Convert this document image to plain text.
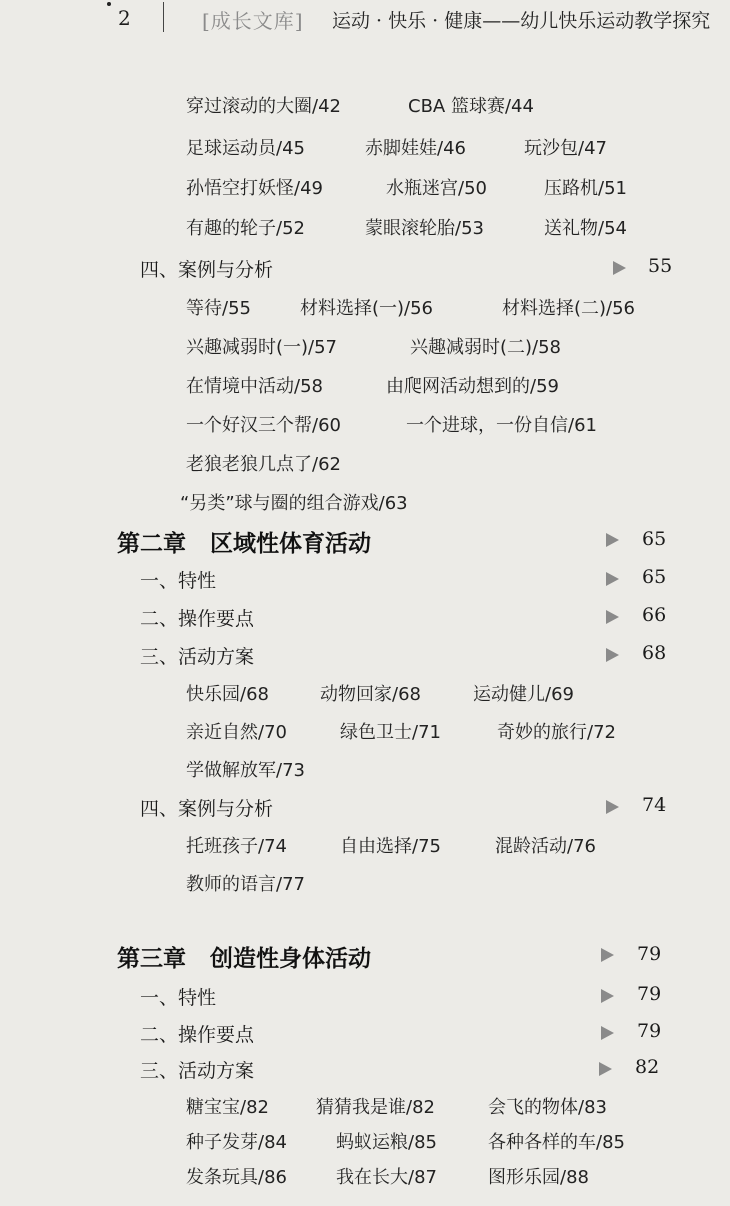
2	[成长文库] 运动 · 快乐 · 健康——幼儿快乐运动教学探究
穿过滚动的大圈/42	CBA 篮球赛/44
足球运动员/45	赤脚娃娃/46	玩沙包/47
孙悟空打妖怪/49	水瓶迷宫/50	压路机/51
有趣的轮子/52	蒙眼滚轮胎/53	送礼物/54
四、案例与分析	55
等待/55	材料选择(一)/56	材料选择(二)/56
兴趣减弱时(一)/57	兴趣减弱时(二)/58
在情境中活动/58	由爬网活动想到的/59
一个好汉三个帮/60	一个进球，一份自信/61
老狼老狼几点了/62
“另类”球与圈的组合游戏/63
第二章   区域性体育活动	65
一、特性	65
二、操作要点	66
三、活动方案	68
快乐园/68	动物回家/68	运动健儿/69
亲近自然/70	绿色卫士/71	奇妙的旅行/72
学做解放军/73
四、案例与分析	74
托班孩子/74	自由选择/75	混龄活动/76
教师的语言/77
第三章   创造性身体活动	79
一、特性	79
二、操作要点	79
三、活动方案	82
糖宝宝/82	猜猜我是谁/82	会飞的物体/83
种子发芽/84	蚂蚁运粮/85	各种各样的车/85
发条玩具/86	我在长大/87	图形乐园/88
